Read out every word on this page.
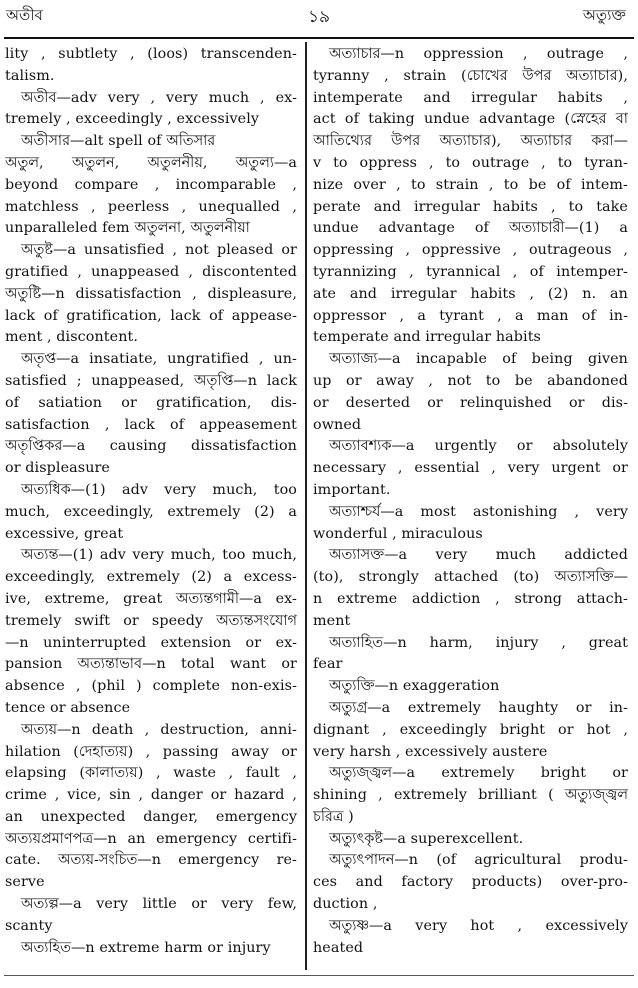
অতীব	১৯	অত্যুক্ত
lity , subtlety , (loos) transcenden-
talism.
অতীব—adv very , very much , ex-
tremely , exceedingly , excessively
অতীসার—alt spell of অতিসার
অতুল, অতুলন, অতুলনীয়, অতুল্য—a
beyond compare , incomparable ,
matchless , peerless , unequalled ,
unparalleled fem অতুলনা, অতুলনীয়া
অতুষ্ট—a unsatisfied , not pleased or
gratified , unappeased , discontented
অতুষ্টি—n dissatisfaction , displeasure,
lack of gratification, lack of appease-
ment , discontent.
অতৃপ্ত—a insatiate, ungratified , un-
satisfied ; unappeased, অতৃপ্তি—n lack
of satiation or gratification, dis-
satisfaction , lack of appeasement
অতৃপ্তিকর—a causing dissatisfaction
or displeasure
অত্যধিক—(1) adv very much, too
much, exceedingly, extremely (2) a
excessive, great
অত্যন্ত—(1) adv very much, too much,
exceedingly, extremely (2) a excess-
ive, extreme, great অত্যন্তগামী—a ex-
tremely swift or speedy অত্যন্তসংযোগ
—n uninterrupted extension or ex-
pansion অত্যন্তাভাব—n total want or
absence , (phil ) complete non-exis-
tence or absence
অত্যয়—n death , destruction, anni-
hilation (দেহাত্যয়) , passing away or
elapsing (কালাত্যয়) , waste , fault ,
crime , vice, sin , danger or hazard ,
an unexpected danger, emergency
অত্যয়প্রমাণপত্র—n an emergency certifi-
cate. অত্যয়-সংচিত—n emergency re-
serve
অত্যল্প—a very little or very few,
scanty
অত্যহিত—n extreme harm or injury
অত্যাচার—n oppression , outrage ,
tyranny , strain (চোখের উপর অত্যাচার),
intemperate and irregular habits ,
act of taking undue advantage (স্নেহের বা
আতিথ্যের উপর অত্যাচার), অত্যাচার করা—
v to oppress , to outrage , to tyran-
nize over , to strain , to be of intem-
perate and irregular habits , to take
undue advantage of অত্যাচারী—(1) a
oppressing , oppressive , outrageous ,
tyrannizing , tyrannical , of intemper-
ate and irregular habits , (2) n. an
oppressor , a tyrant , a man of in-
temperate and irregular habits
অত্যাজ্য—a incapable of being given
up or away , not to be abandoned
or deserted or relinquished or dis-
owned
অত্যাবশ্যক—a urgently or absolutely
necessary , essential , very urgent or
important.
অত্যাশ্চর্য—a most astonishing , very
wonderful , miraculous
অত্যাসক্ত—a very much addicted
(to), strongly attached (to) অত্যাসক্তি—
n extreme addiction , strong attach-
ment
অত্যাহিত—n harm, injury , great
fear
অত্যুক্তি—n exaggeration
অত্যুগ্র—a extremely haughty or in-
dignant , exceedingly bright or hot ,
very harsh , excessively austere
অত্যুজ্জ্বল—a extremely bright or
shining , extremely brilliant ( অত্যুজ্জ্বল
চরিত্র )
অত্যুৎকৃষ্ট—a superexcellent.
অত্যুৎপাদন—n (of agricultural produ-
ces and factory products) over-pro-
duction ,
অত্যুষ্ণ—a very hot , excessively
heated
